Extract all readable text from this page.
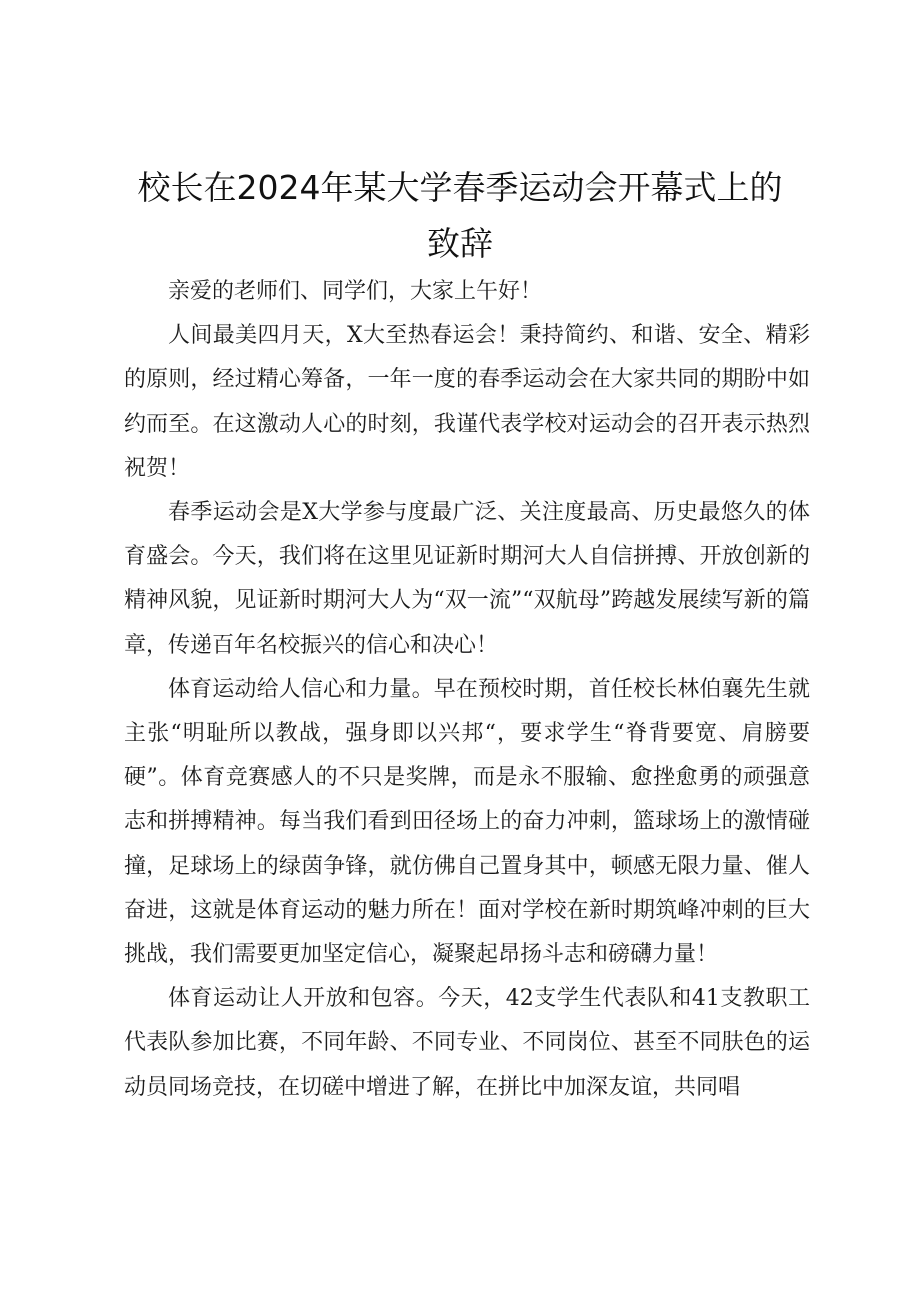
校长在2024年某大学春季运动会开幕式上的
致辞

亲爱的老师们、同学们，大家上午好！

人间最美四月天，X大至热春运会！秉持简约、和谐、安全、精彩的原则，经过精心筹备，一年一度的春季运动会在大家共同的期盼中如约而至。在这激动人心的时刻，我谨代表学校对运动会的召开表示热烈祝贺！

春季运动会是X大学参与度最广泛、关注度最高、历史最悠久的体育盛会。今天，我们将在这里见证新时期河大人自信拼搏、开放创新的精神风貌，见证新时期河大人为“双一流”“双航母”跨越发展续写新的篇章，传递百年名校振兴的信心和决心！

体育运动给人信心和力量。早在预校时期，首任校长林伯襄先生就主张“明耻所以教战，强身即以兴邦“，要求学生“脊背要宽、肩膀要硬”。体育竞赛感人的不只是奖牌，而是永不服输、愈挫愈勇的顽强意志和拼搏精神。每当我们看到田径场上的奋力冲刺，篮球场上的激情碰撞，足球场上的绿茵争锋，就仿佛自己置身其中，顿感无限力量、催人奋进，这就是体育运动的魅力所在！面对学校在新时期筑峰冲刺的巨大挑战，我们需要更加坚定信心，凝聚起昂扬斗志和磅礴力量！

体育运动让人开放和包容。今天，42支学生代表队和41支教职工代表队参加比赛，不同年龄、不同专业、不同岗位、甚至不同肤色的运动员同场竞技，在切磋中增进了解，在拼比中加深友谊，共同唱
